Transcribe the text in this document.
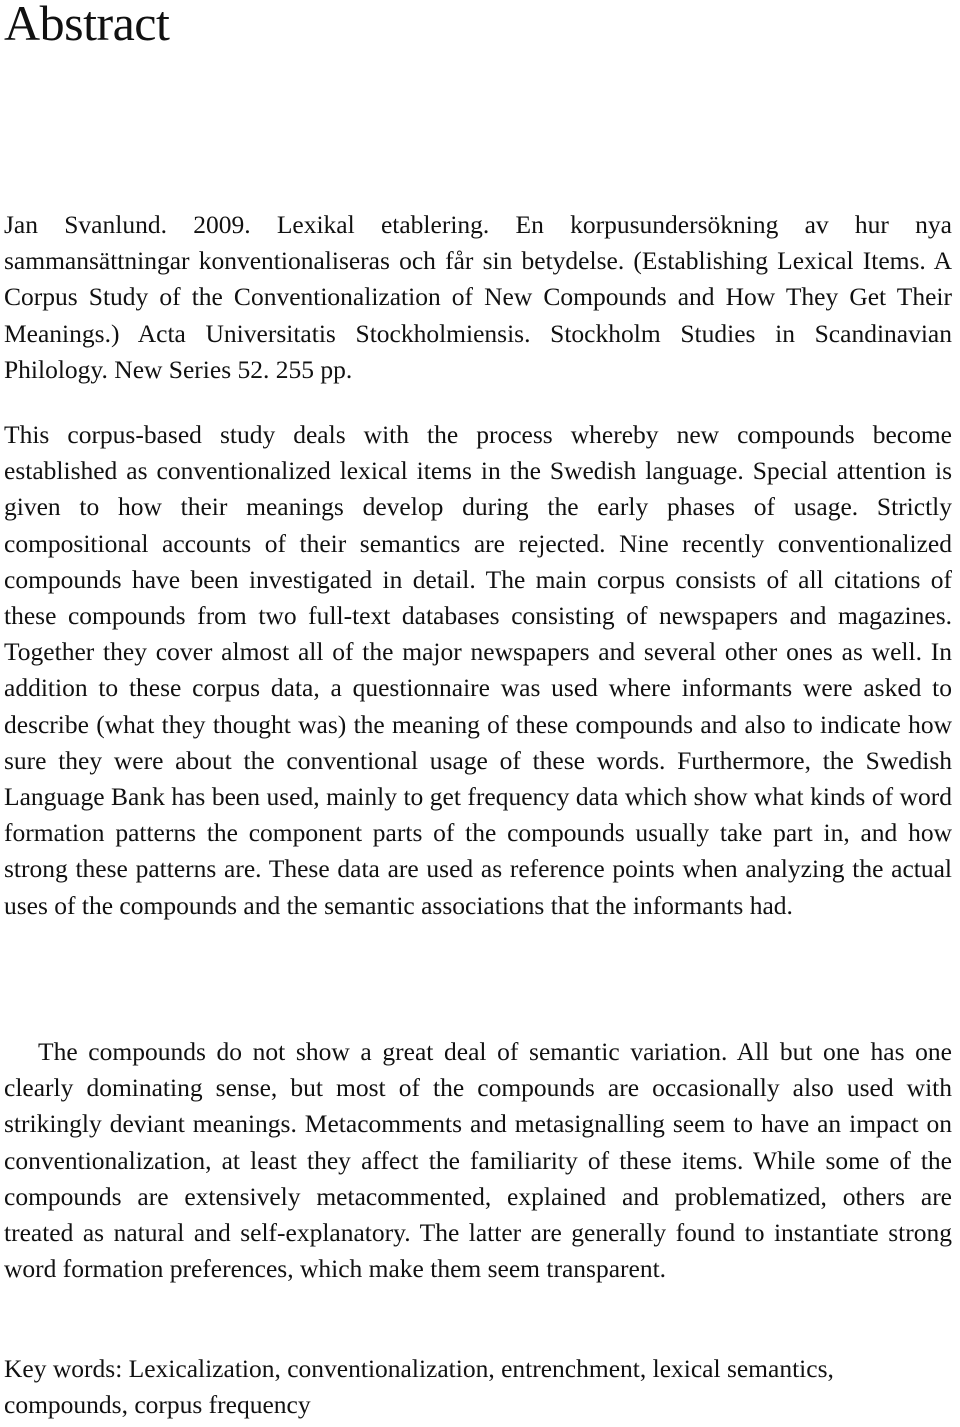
Abstract

Jan Svanlund. 2009. Lexikal etablering. En korpusundersökning av hur nya sammansättningar konventionaliseras och får sin betydelse. (Establishing Lexical Items. A Corpus Study of the Conventionalization of New Compounds and How They Get Their Meanings.) Acta Universitatis Stockholmiensis. Stockholm Studies in Scandinavian Philology. New Series 52. 255 pp.

This corpus-based study deals with the process whereby new compounds become established as conventionalized lexical items in the Swedish language. Special attention is given to how their meanings develop during the early phases of usage. Strictly compositional accounts of their semantics are rejected. Nine recently conventionalized compounds have been investigated in detail. The main corpus consists of all citations of these compounds from two full-text databases consisting of newspapers and magazines. Together they cover almost all of the major newspapers and several other ones as well. In addition to these corpus data, a questionnaire was used where informants were asked to describe (what they thought was) the meaning of these compounds and also to indicate how sure they were about the conventional usage of these words. Furthermore, the Swedish Language Bank has been used, mainly to get frequency data which show what kinds of word formation patterns the component parts of the compounds usually take part in, and how strong these patterns are. These data are used as reference points when analyzing the actual uses of the compounds and the semantic associations that the informants had.

The compounds do not show a great deal of semantic variation. All but one has one clearly dominating sense, but most of the compounds are occasionally also used with strikingly deviant meanings. Metacomments and metasignalling seem to have an impact on conventionalization, at least they affect the familiarity of these items. While some of the compounds are extensively metacommented, explained and problematized, others are treated as natural and self-explanatory. The latter are generally found to instantiate strong word formation preferences, which make them seem transparent.

Key words: Lexicalization, conventionalization, entrenchment, lexical semantics, compounds, corpus frequency
